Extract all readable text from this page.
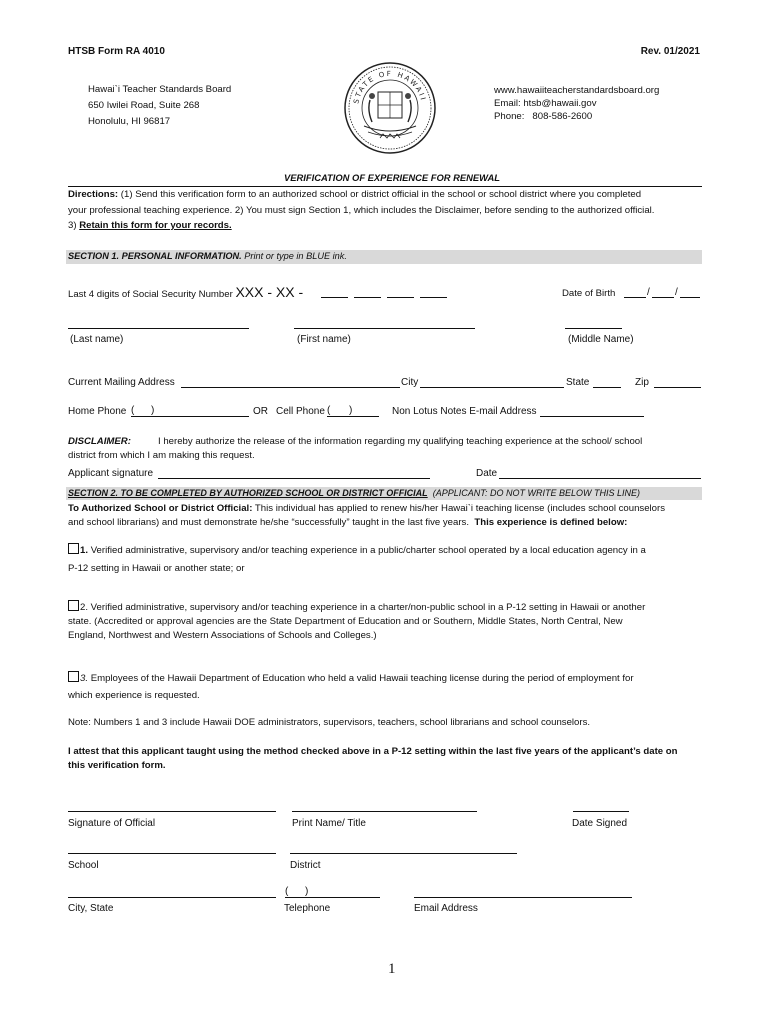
HTSB Form RA 4010	Rev. 01/2021
Hawai`i Teacher Standards Board
650 Iwilei Road, Suite 268
Honolulu, HI 96817
STATE OF HAWAII
www.hawaiiteacherstandardsboard.org
Email: htsb@hawaii.gov
Phone: 808-586-2600
VERIFICATION OF EXPERIENCE FOR RENEWAL
Directions: (1) Send this verification form to an authorized school or district official in the school or school district where you completed
your professional teaching experience. 2) You must sign Section 1, which includes the Disclaimer, before sending to the authorized official.
3) Retain this form for your records.
SECTION 1. PERSONAL INFORMATION. Print or type in BLUE ink.
Last 4 digits of Social Security Number XXX - XX -	Date of Birth	/	/
(Last name)	(First name)	(Middle Name)
Current Mailing Address	City	State	Zip
Home Phone ( )	OR Cell Phone ( )	Non Lotus Notes E-mail Address
DISCLAIMER:	I hereby authorize the release of the information regarding my qualifying teaching experience at the school/ school
district from which I am making this request.
Applicant signature	Date
SECTION 2. TO BE COMPLETED BY AUTHORIZED SCHOOL OR DISTRICT OFFICIAL (APPLICANT: DO NOT WRITE BELOW THIS LINE)
To Authorized School or District Official: This individual has applied to renew his/her Hawai`i teaching license (includes school counselors
and school librarians) and must demonstrate he/she “successfully” taught in the last five years. This experience is defined below:
1. Verified administrative, supervisory and/or teaching experience in a public/charter school operated by a local education agency in a
P-12 setting in Hawaii or another state; or
2. Verified administrative, supervisory and/or teaching experience in a charter/non-public school in a P-12 setting in Hawaii or another
state. (Accredited or approval agencies are the State Department of Education and or Southern, Middle States, North Central, New
England, Northwest and Western Associations of Schools and Colleges.)
3. Employees of the Hawaii Department of Education who held a valid Hawaii teaching license during the period of employment for
which experience is requested.
Note: Numbers 1 and 3 include Hawaii DOE administrators, supervisors, teachers, school librarians and school counselors.
I attest that this applicant taught using the method checked above in a P-12 setting within the last five years of the applicant’s date on
this verification form.
Signature of Official	Print Name/ Title	Date Signed
School	District
( )
City, State	Telephone	Email Address
1
